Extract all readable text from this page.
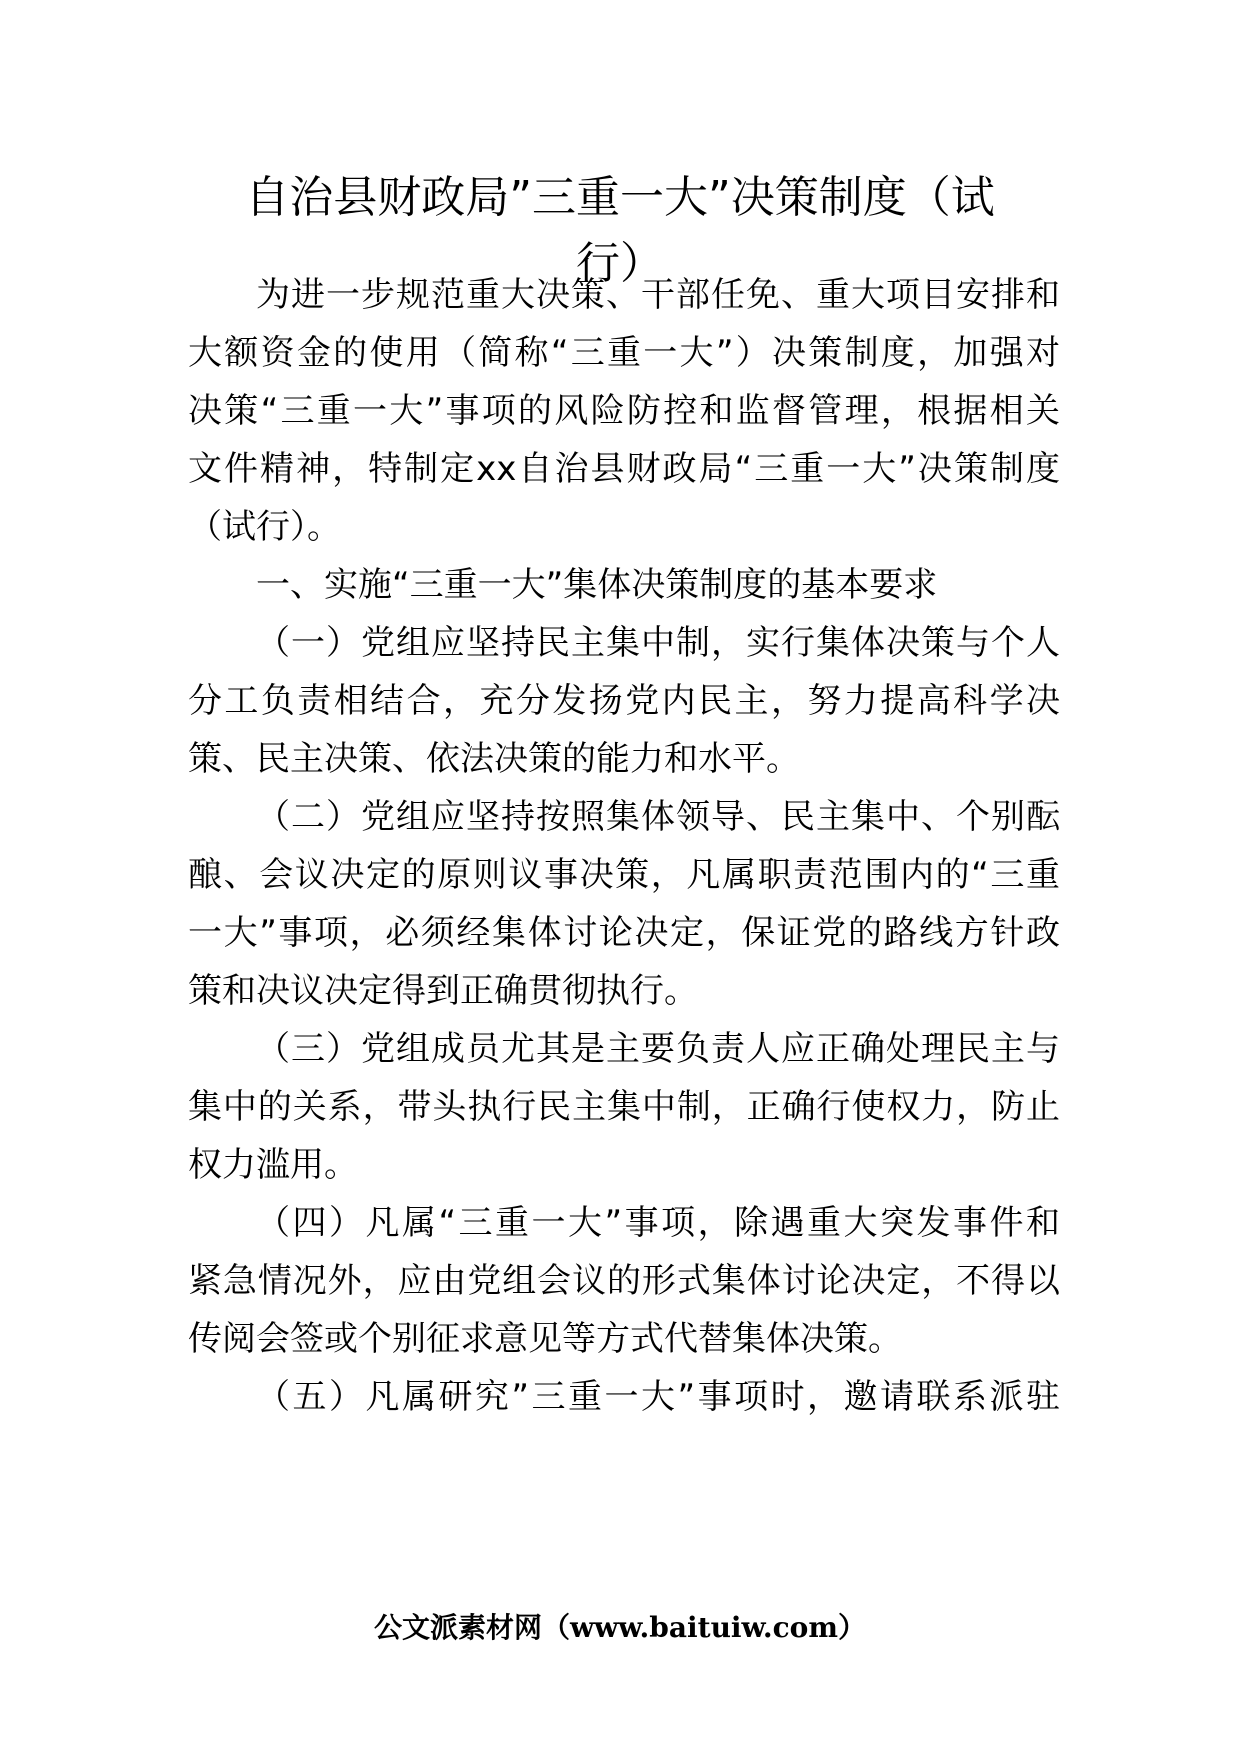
自治县财政局”三重一大”决策制度（试
行）

为进一步规范重大决策、干部任免、重大项目安排和

大额资金的使用（简称“三重一大”）决策制度，加强对

决策“三重一大”事项的风险防控和监督管理，根据相关

文件精神，特制定xx自治县财政局“三重一大”决策制度

（试行）。

一、实施“三重一大”集体决策制度的基本要求

（一）党组应坚持民主集中制，实行集体决策与个人

分工负责相结合，充分发扬党内民主，努力提高科学决

策、民主决策、依法决策的能力和水平。

（二）党组应坚持按照集体领导、民主集中、个别酝

酿、会议决定的原则议事决策，凡属职责范围内的“三重

一大”事项，必须经集体讨论决定，保证党的路线方针政

策和决议决定得到正确贯彻执行。

（三）党组成员尤其是主要负责人应正确处理民主与

集中的关系，带头执行民主集中制，正确行使权力，防止

权力滥用。

（四）凡属“三重一大”事项，除遇重大突发事件和

紧急情况外，应由党组会议的形式集体讨论决定，不得以

传阅会签或个别征求意见等方式代替集体决策。

（五）凡属研究”三重一大”事项时，邀请联系派驻

公文派素材网（www.baituiw.com）
